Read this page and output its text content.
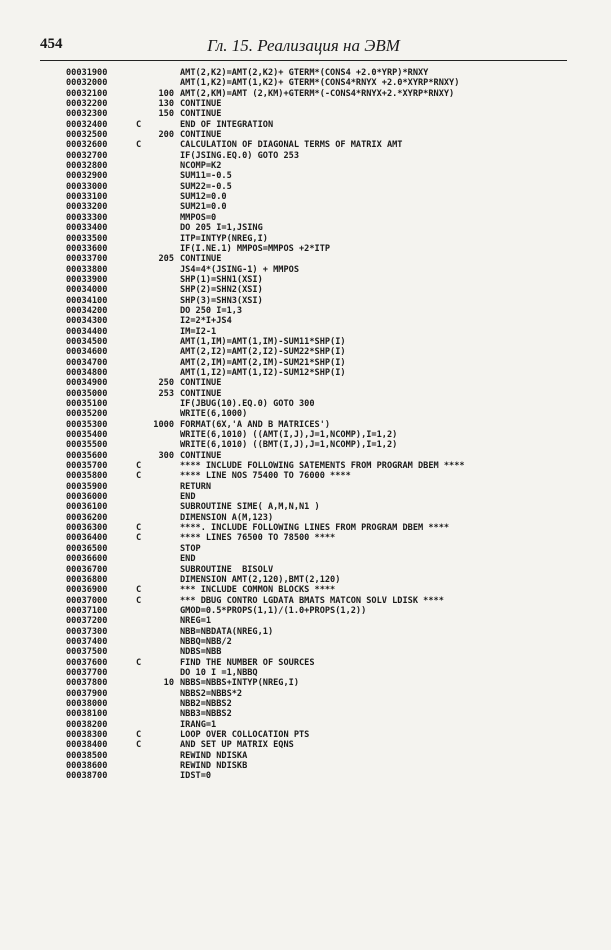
454	Гл. 15. Реализация на ЭВМ
00031900	AMT(2,K2)=AMT(2,K2)+ GTERM*(CONS4 +2.0*YRP)*RNXY
00032000	AMT(1,K2)=AMT(1,K2)+ GTERM*(CONS4*RNYX +2.0*XYRP*RNXY)
00032100	100 AMT(2,KM)=AMT (2,KM)+GTERM*(-CONS4*RNYX+2.*XYRP*RNXY)
00032200	130 CONTINUE
00032300	150 CONTINUE
00032400	C	END OF INTEGRATION
00032500	200 CONTINUE
00032600	C	CALCULATION OF DIAGONAL TERMS OF MATRIX AMT
00032700	IF(JSING.EQ.0) GOTO 253
00032800	NCOMP=K2
00032900	SUM11=-0.5
00033000	SUM22=-0.5
00033100	SUM12=0.0
00033200	SUM21=0.0
00033300	MMPOS=0
00033400	DO 205 I=1,JSING
00033500	ITP=INTYP(NREG,I)
00033600	IF(I.NE.1) MMPOS=MMPOS +2*ITP
00033700	205 CONTINUE
00033800	JS4=4*(JSING-1) + MMPOS
00033900	SHP(1)=SHN1(XSI)
00034000	SHP(2)=SHN2(XSI)
00034100	SHP(3)=SHN3(XSI)
00034200	DO 250 I=1,3
00034300	I2=2*I+JS4
00034400	IM=I2-1
00034500	AMT(1,IM)=AMT(1,IM)-SUM11*SHP(I)
00034600	AMT(2,I2)=AMT(2,I2)-SUM22*SHP(I)
00034700	AMT(2,IM)=AMT(2,IM)-SUM21*SHP(I)
00034800	AMT(1,I2)=AMT(1,I2)-SUM12*SHP(I)
00034900	250 CONTINUE
00035000	253 CONTINUE
00035100	IF(JBUG(10).EQ.0) GOTO 300
00035200	WRITE(6,1000)
00035300	1000 FORMAT(6X,'A AND B MATRICES')
00035400	WRITE(6,1010) ((AMT(I,J),J=1,NCOMP),I=1,2)
00035500	WRITE(6,1010) ((BMT(I,J),J=1,NCOMP),I=1,2)
00035600	300 CONTINUE
00035700	C	**** INCLUDE FOLLOWING SATEMENTS FROM PROGRAM DBEM ****
00035800	C	**** LINE NOS 75400 TO 76000 ****
00035900	RETURN
00036000	END
00036100	SUBROUTINE SIME( A,M,N,N1 )
00036200	DIMENSION A(M,123)
00036300	C	****. INCLUDE FOLLOWING LINES FROM PROGRAM DBEM ****
00036400	C	**** LINES 76500 TO 78500 ****
00036500	STOP
00036600	END
00036700	SUBROUTINE  BISOLV
00036800	DIMENSION AMT(2,120),BMT(2,120)
00036900	C	*** INCLUDE COMMON BLOCKS ****
00037000	C	*** DBUG CONTRO LGDATA BMATS MATCON SOLV LDISK ****
00037100	GMOD=0.5*PROPS(1,1)/(1.0+PROPS(1,2))
00037200	NREG=1
00037300	NBB=NBDATA(NREG,1)
00037400	NBBQ=NBB/2
00037500	NDBS=NBB
00037600	C	FIND THE NUMBER OF SOURCES
00037700	DO 10 I =1,NBBQ
00037800	10 NBBS=NBBS+INTYP(NREG,I)
00037900	NBBS2=NBBS*2
00038000	NBB2=NBBS2
00038100	NBB3=NBBS2
00038200	IRANG=1
00038300	C	LOOP OVER COLLOCATION PTS
00038400	C	AND SET UP MATRIX EQNS
00038500	REWIND NDISKA
00038600	REWIND NDISKB
00038700	IDST=0
